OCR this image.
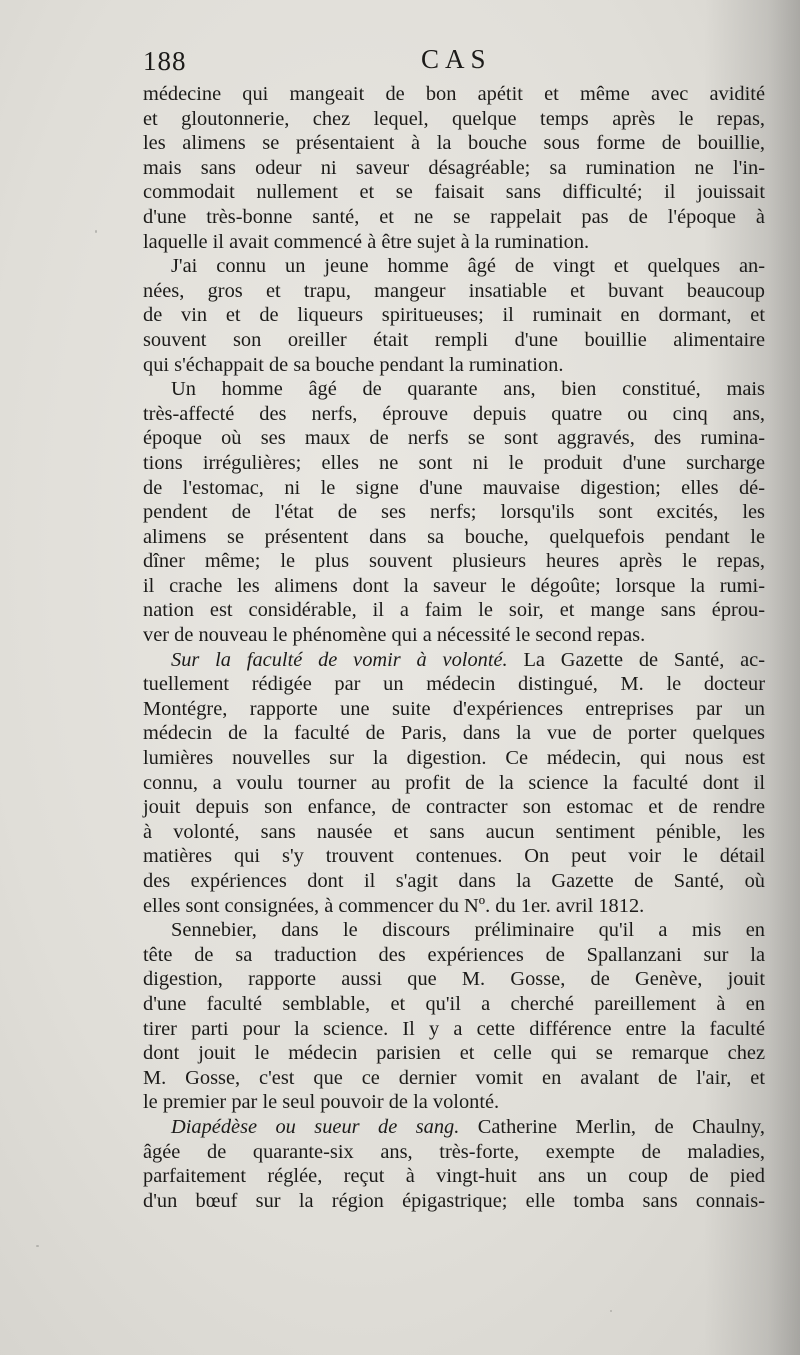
188	CAS
médecine qui mangeait de bon apétit et même avec avidité
et gloutonnerie, chez lequel, quelque temps après le repas,
les alimens se présentaient à la bouche sous forme de bouillie,
mais sans odeur ni saveur désagréable; sa rumination ne l'in-
commodait nullement et se faisait sans difficulté; il jouissait
d'une très-bonne santé, et ne se rappelait pas de l'époque à
laquelle il avait commencé à être sujet à la rumination.
J'ai connu un jeune homme âgé de vingt et quelques an-
nées, gros et trapu, mangeur insatiable et buvant beaucoup
de vin et de liqueurs spiritueuses; il ruminait en dormant, et
souvent son oreiller était rempli d'une bouillie alimentaire
qui s'échappait de sa bouche pendant la rumination.
Un homme âgé de quarante ans, bien constitué, mais
très-affecté des nerfs, éprouve depuis quatre ou cinq ans,
époque où ses maux de nerfs se sont aggravés, des rumina-
tions irrégulières; elles ne sont ni le produit d'une surcharge
de l'estomac, ni le signe d'une mauvaise digestion; elles dé-
pendent de l'état de ses nerfs; lorsqu'ils sont excités, les
alimens se présentent dans sa bouche, quelquefois pendant le
dîner même; le plus souvent plusieurs heures après le repas,
il crache les alimens dont la saveur le dégoûte; lorsque la rumi-
nation est considérable, il a faim le soir, et mange sans éprou-
ver de nouveau le phénomène qui a nécessité le second repas.
Sur la faculté de vomir à volonté. La Gazette de Santé, ac-
tuellement rédigée par un médecin distingué, M. le docteur
Montégre, rapporte une suite d'expériences entreprises par un
médecin de la faculté de Paris, dans la vue de porter quelques
lumières nouvelles sur la digestion. Ce médecin, qui nous est
connu, a voulu tourner au profit de la science la faculté dont il
jouit depuis son enfance, de contracter son estomac et de rendre
à volonté, sans nausée et sans aucun sentiment pénible, les
matières qui s'y trouvent contenues. On peut voir le détail
des expériences dont il s'agit dans la Gazette de Santé, où
elles sont consignées, à commencer du Nº. du 1er. avril 1812.
Sennebier, dans le discours préliminaire qu'il a mis en
tête de sa traduction des expériences de Spallanzani sur la
digestion, rapporte aussi que M. Gosse, de Genève, jouit
d'une faculté semblable, et qu'il a cherché pareillement à en
tirer parti pour la science. Il y a cette différence entre la faculté
dont jouit le médecin parisien et celle qui se remarque chez
M. Gosse, c'est que ce dernier vomit en avalant de l'air, et
le premier par le seul pouvoir de la volonté.
Diapédèse ou sueur de sang. Catherine Merlin, de Chaulny,
âgée de quarante-six ans, très-forte, exempte de maladies,
parfaitement réglée, reçut à vingt-huit ans un coup de pied
d'un bœuf sur la région épigastrique; elle tomba sans connais-
